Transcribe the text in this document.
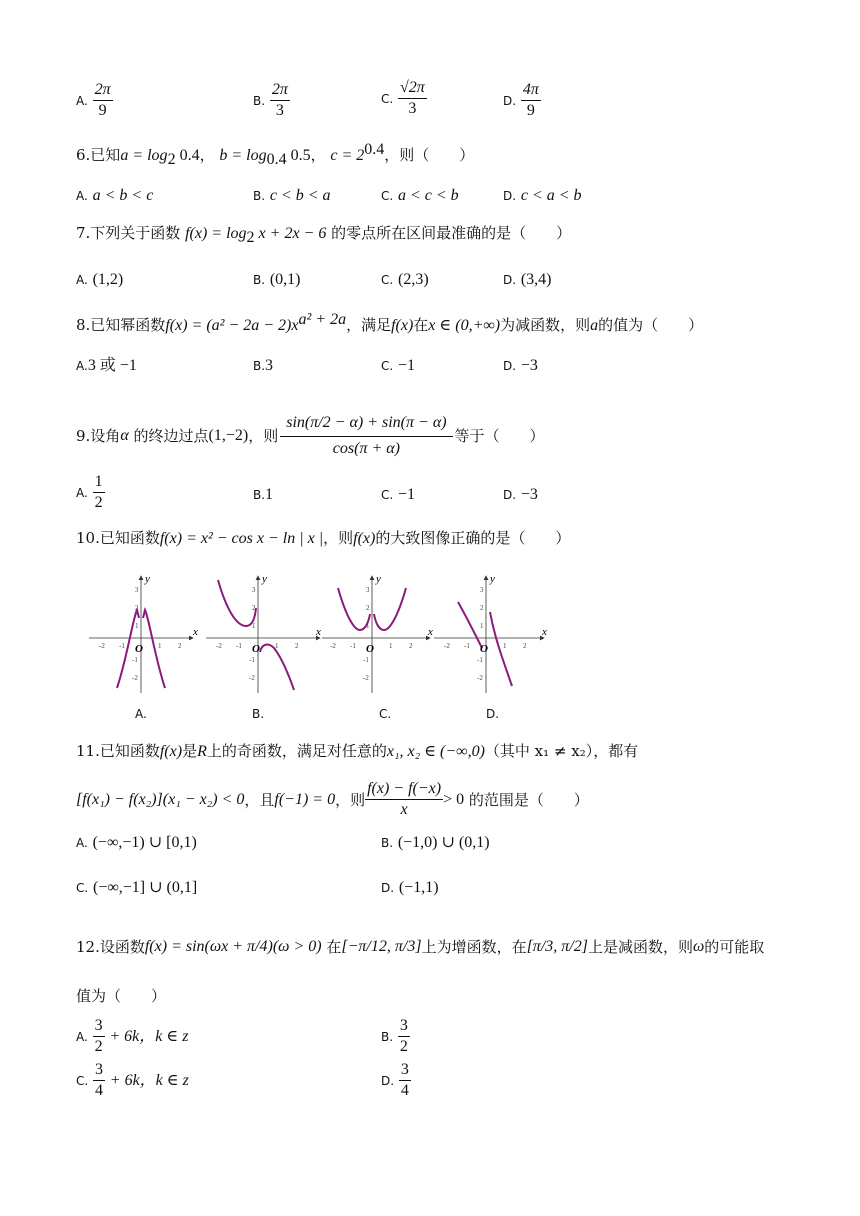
A. $\frac{2\pi}{9}$	B. $\frac{2\pi}{3}$	C. $\frac{√2\pi}{3}$	D. $\frac{4\pi}{9}$
6.已知$a = \log_2 0.4$， $b = \log_{0.4} 0.5$， $c = 2^{0.4}$，则（　　）
A. a < b < c	B. c < b < a	C. a < c < b	D. c < a < b
7.下列关于函数 $f(x) = \log_2 x + 2x - 6$ 的零点所在区间最准确的是（　　）
A. (1,2)	B. (0,1)	C. (2,3)	D. (3,4)
8.已知幂函数$f(x) = (a^2 - 2a - 2)x^{a^2 + 2a}$，满足f(x)在x ∈ (0,+∞)为减函数，则a的值为（　　）
A.3 或 −1	B.3	C. −1	D. −3
9.设角 α
的终边过点 (1,−2) ，则 $\frac{\sin(\pi/2 - \alpha) + \sin(\pi - \alpha)}{\cos(\pi + \alpha)}$ 等于（　　）
A. $\frac{1}{2}$	B.1	C. −1	D. −3
10.已知函数f(x) = x² − cos x − ln | x |，则f(x)的大致图像正确的是（　　）
x
y
O
-2 -1	1 2
3
2
1
-1
-2
x
y
O
-2 -1	1 2
3
2
1
-1
-2
x
y
O
-2 -1	1 2
3
2
1
-1
-2
x
y
O
-2 -1	1 2
3
2
1
-1
-2
A.	B.	C.	D.
11.已知函数f(x)是R上的奇函数，满足对任意的x₁, x₂ ∈ (−∞,0)（其中 x₁ ≠ x₂），都有
[f(x₁) − f(x₂)](x₁ − x₂) < 0 ，且 f(−1) = 0 ，则 $\frac{f(x) - f(-x)}{x} > 0$
的范围是（　　）
A. (−∞,−1) ∪ [0,1)	B. (−1,0) ∪ (0,1)
C. (−∞,−1] ∪ (0,1]	D. (−1,1)
12.设函数 f(x) = sin(ωx + π/4)(ω > 0)
在 [−π/12, π/3] 上为增函数，在 [π/3, π/2] 上是减函数，则 ω 的可能取
值为（　　）
A. $\frac{3}{2} + 6k$，k ∈ z	B. $\frac{3}{2}$
C. $\frac{3}{4} + 6k$，k ∈ z	D. $\frac{3}{4}$
